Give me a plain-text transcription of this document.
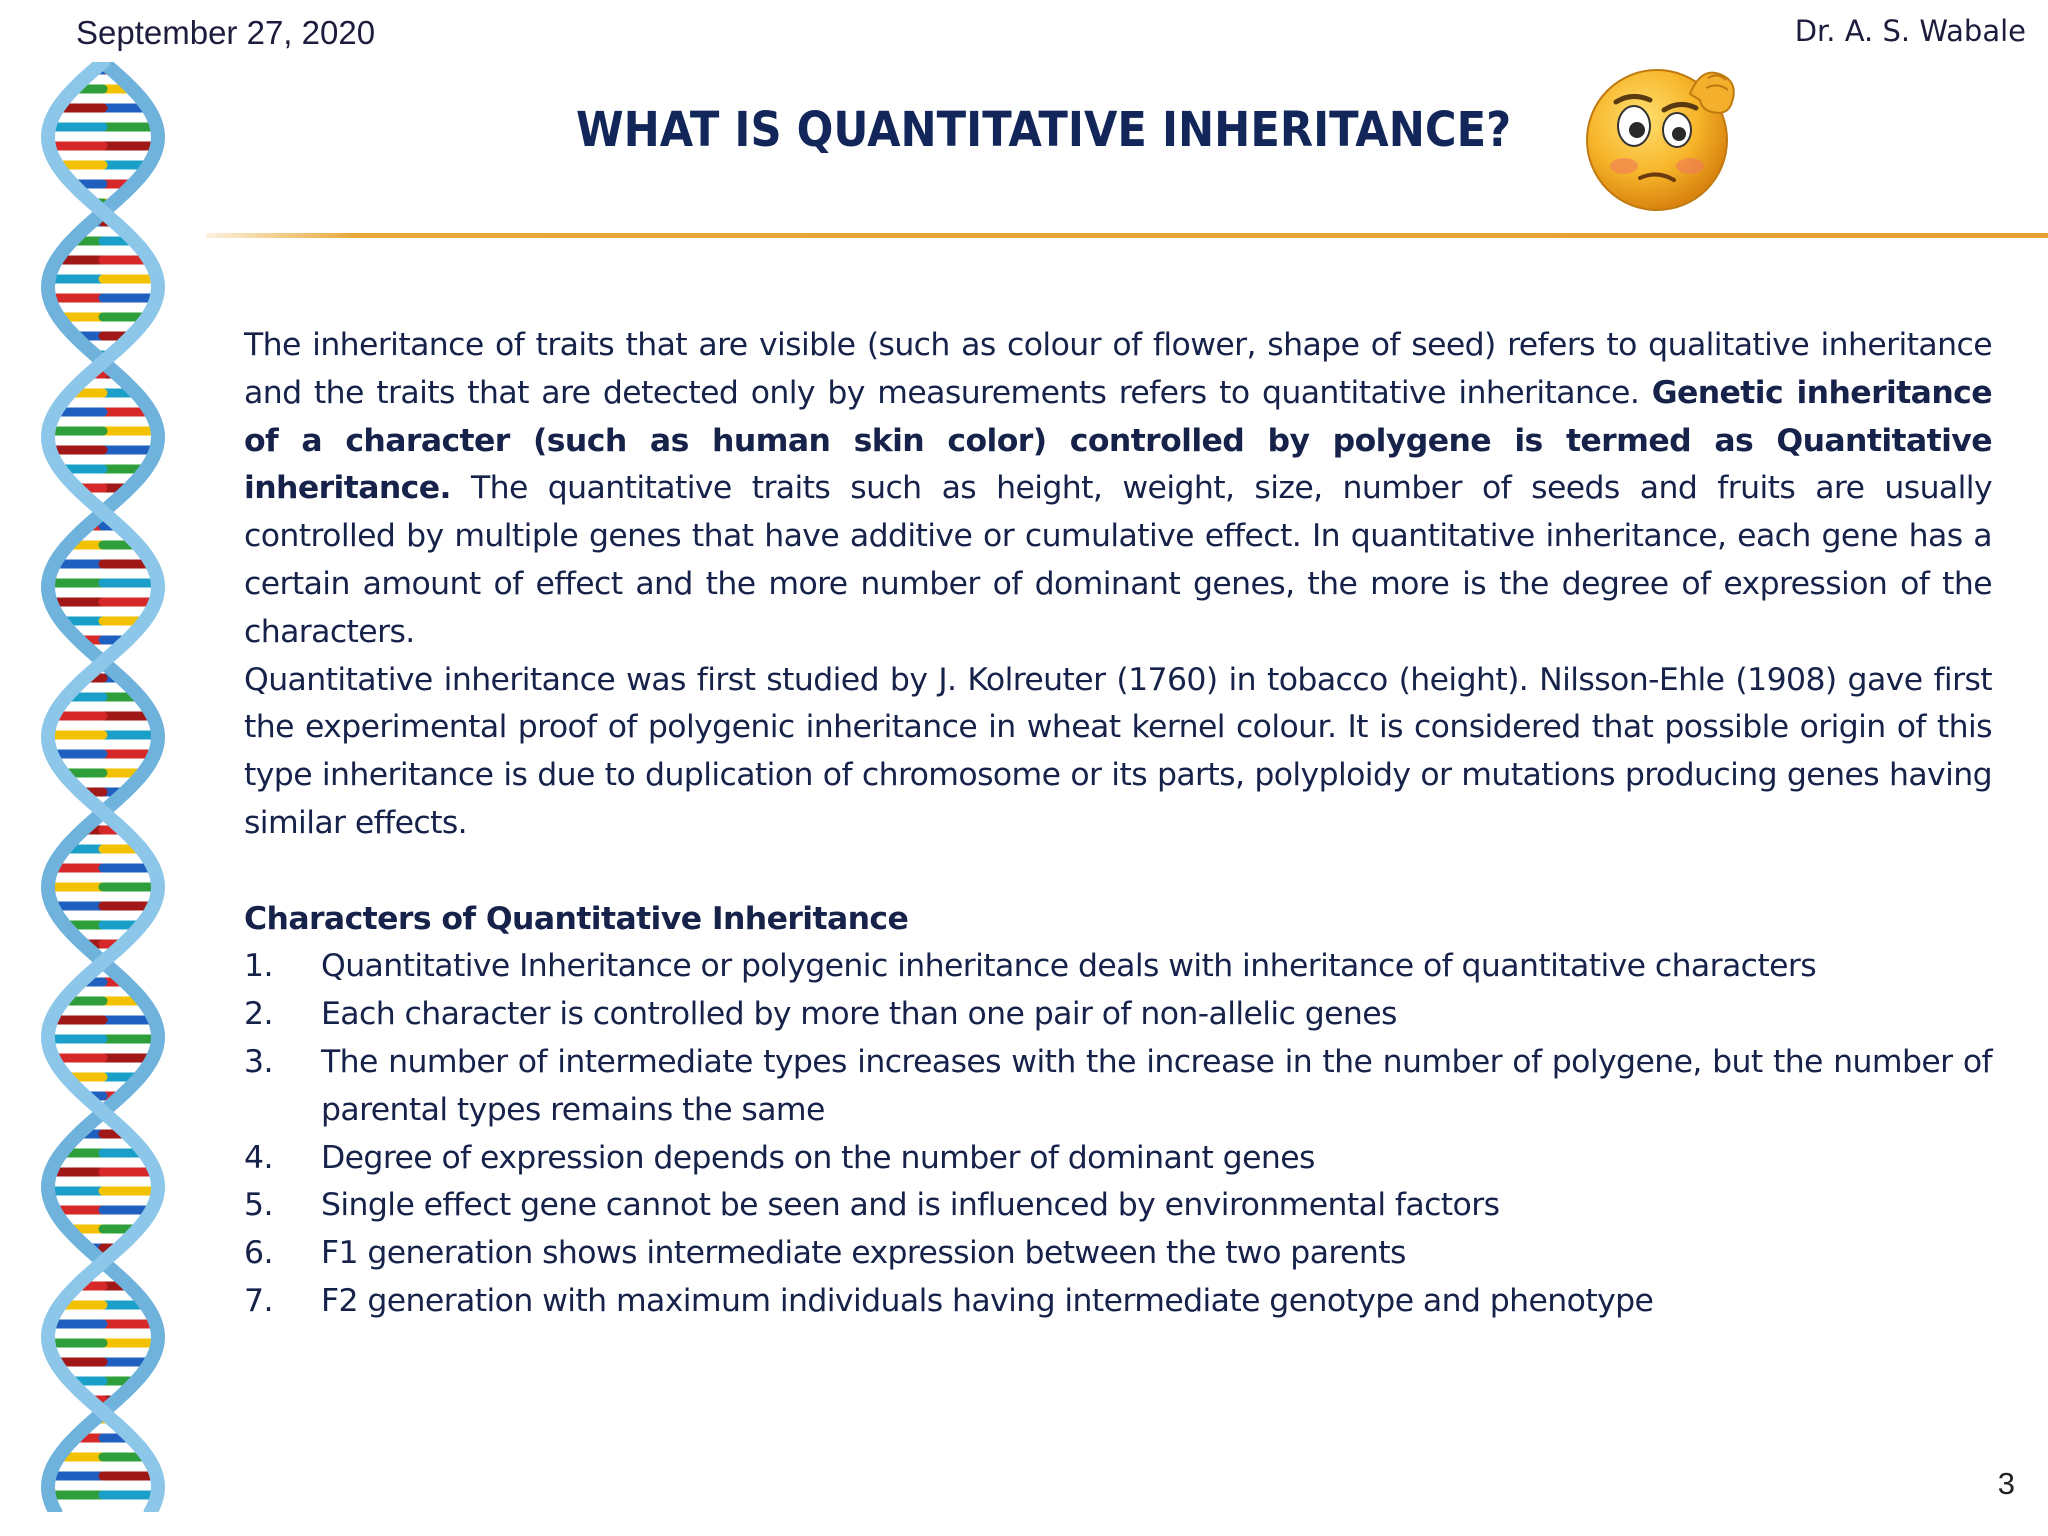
September 27, 2020	Dr. A. S. Wabale
WHAT IS QUANTITATIVE INHERITANCE?

The inheritance of traits that are visible (such as colour of flower, shape of seed) refers to qualitative inheritance and the traits that are detected only by measurements refers to quantitative inheritance. Genetic inheritance of a character (such as human skin color) controlled by polygene is termed as Quantitative inheritance. The quantitative traits such as height, weight, size, number of seeds and fruits are usually controlled by multiple genes that have additive or cumulative effect. In quantitative inheritance, each gene has a certain amount of effect and the more number of dominant genes, the more is the degree of expression of the characters.

Quantitative inheritance was first studied by J. Kolreuter (1760) in tobacco (height). Nilsson-Ehle (1908) gave first the experimental proof of polygenic inheritance in wheat kernel colour. It is considered that possible origin of this type inheritance is due to duplication of chromosome or its parts, polyploidy or mutations producing genes having similar effects.

Characters of Quantitative Inheritance
1. Quantitative Inheritance or polygenic inheritance deals with inheritance of quantitative characters
2. Each character is controlled by more than one pair of non-allelic genes
3. The number of intermediate types increases with the increase in the number of polygene, but the number of parental types remains the same
4. Degree of expression depends on the number of dominant genes
5. Single effect gene cannot be seen and is influenced by environmental factors
6. F1 generation shows intermediate expression between the two parents
7. F2 generation with maximum individuals having intermediate genotype and phenotype
3
